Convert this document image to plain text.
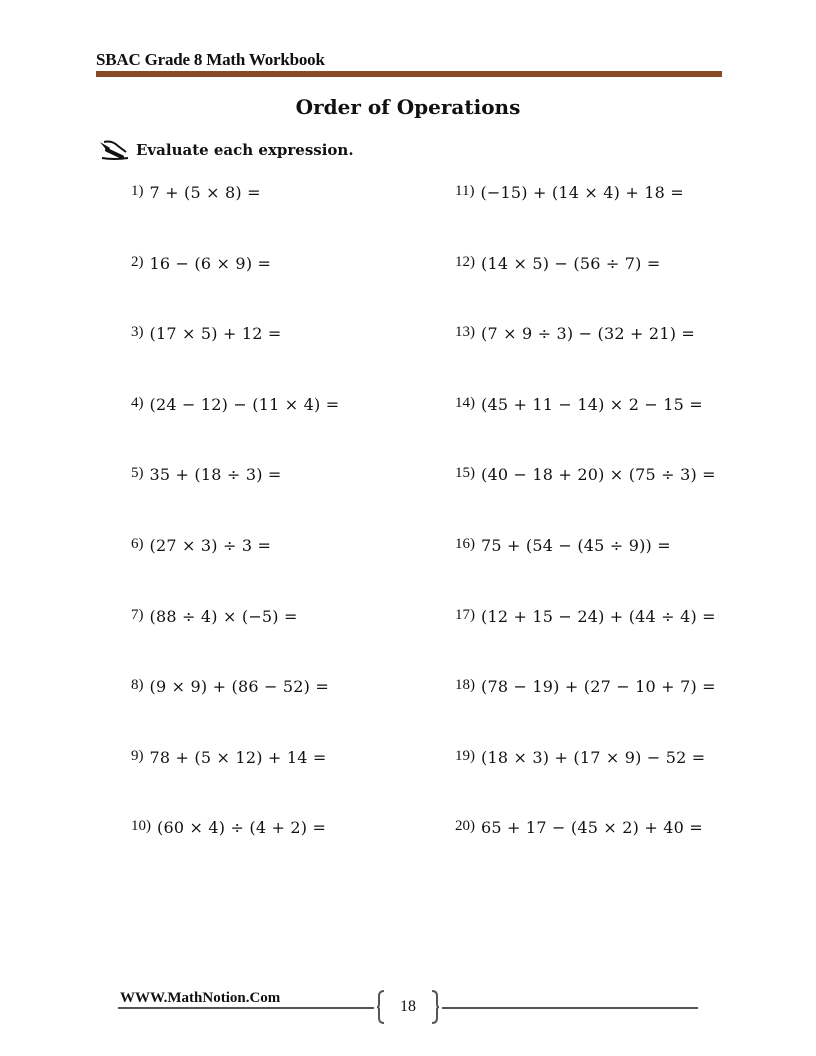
SBAC Grade 8 Math Workbook
Order of Operations
Evaluate each expression.
1) 7 + (5 × 8) =
2) 16 − (6 × 9) =
3) (17 × 5) + 12 =
4) (24 − 12) − (11 × 4) =
5) 35 + (18 ÷ 3) =
6) (27 × 3) ÷ 3 =
7) (88 ÷ 4) × (−5) =
8) (9 × 9) + (86 − 52) =
9) 78 + (5 × 12) + 14 =
10) (60 × 4) ÷ (4 + 2) =
11) (−15) + (14 × 4) + 18 =
12) (14 × 5) − (56 ÷ 7) =
13) (7 × 9 ÷ 3) − (32 + 21) =
14) (45 + 11 − 14) × 2 − 15 =
15) (40 − 18 + 20) × (75 ÷ 3) =
16) 75 + (54 − (45 ÷ 9)) =
17) (12 + 15 − 24) + (44 ÷ 4) =
18) (78 − 19) + (27 − 10 + 7) =
19) (18 × 3) + (17 × 9) − 52 =
20) 65 + 17 − (45 × 2) + 40 =
WWW.MathNotion.Com	18
